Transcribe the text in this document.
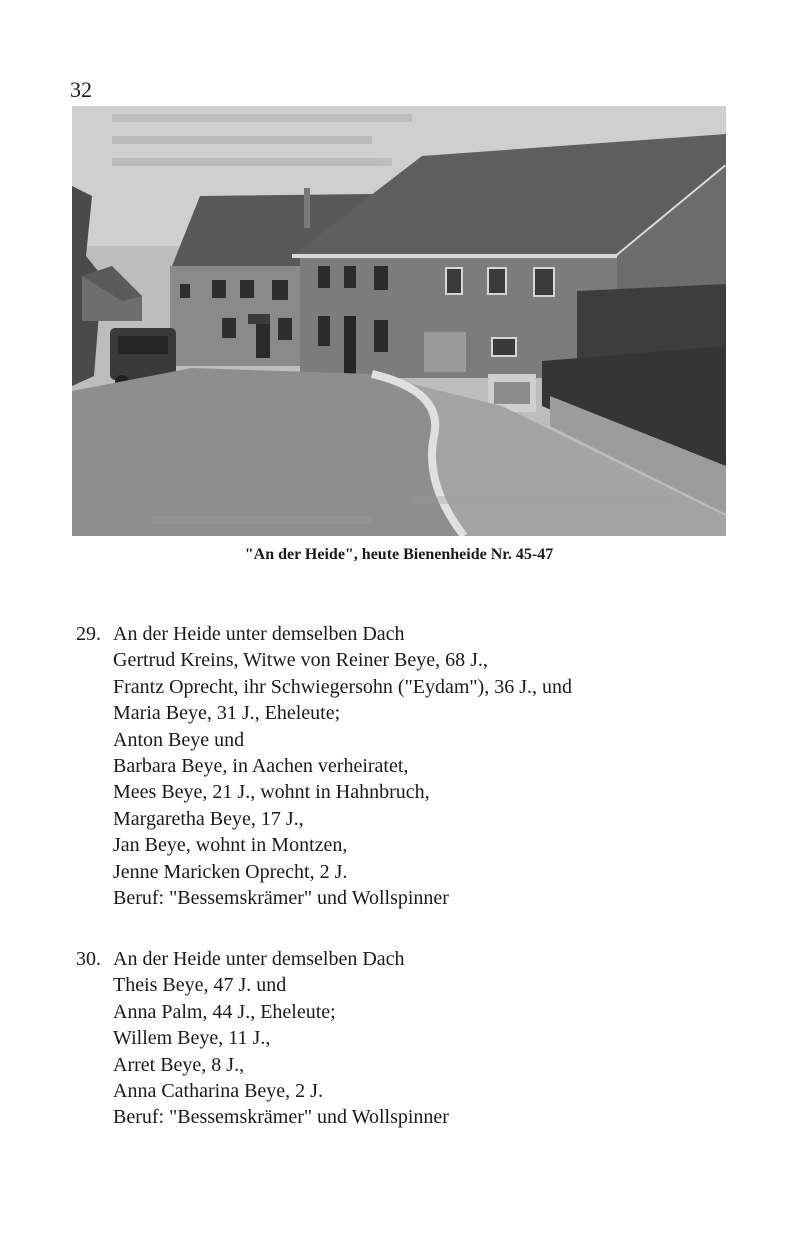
32
"An der Heide", heute Bienenheide Nr. 45-47
29. An der Heide unter demselben Dach
Gertrud Kreins, Witwe von Reiner Beye, 68 J.,
Frantz Oprecht, ihr Schwiegersohn ("Eydam"), 36 J., und
Maria Beye, 31 J., Eheleute;
Anton Beye und
Barbara Beye, in Aachen verheiratet,
Mees Beye, 21 J., wohnt in Hahnbruch,
Margaretha Beye, 17 J.,
Jan Beye, wohnt in Montzen,
Jenne Maricken Oprecht, 2 J.
Beruf: "Bessemskrämer" und Wollspinner
30. An der Heide unter demselben Dach
Theis Beye, 47 J. und
Anna Palm, 44 J., Eheleute;
Willem Beye, 11 J.,
Arret Beye, 8 J.,
Anna Catharina Beye, 2 J.
Beruf: "Bessemskrämer" und Wollspinner
